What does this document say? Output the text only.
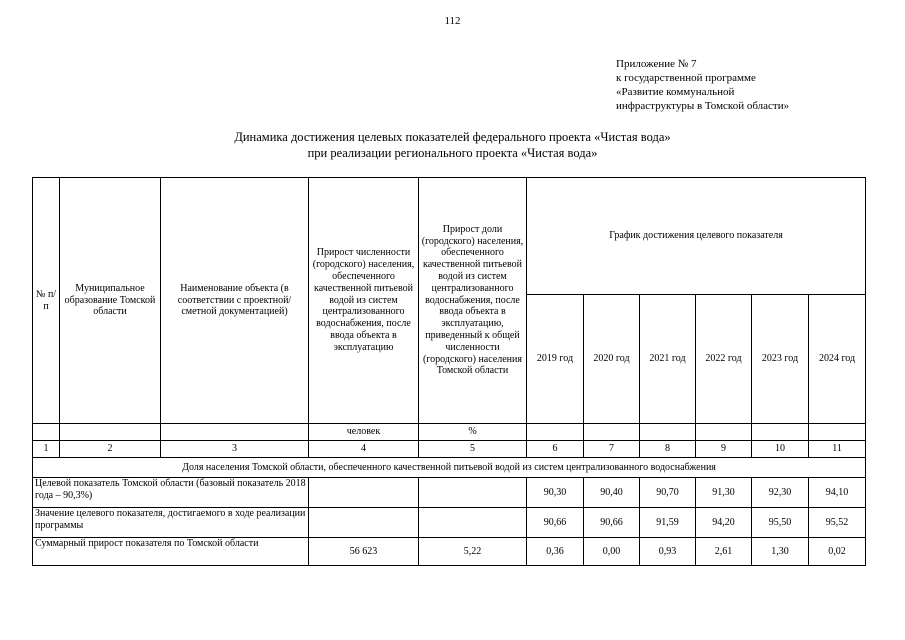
112
Приложение № 7
к государственной программе
«Развитие коммунальной
инфраструктуры в Томской области»
Динамика достижения целевых показателей федерального проекта «Чистая вода»
при реализации регионального проекта «Чистая вода»
№ п/п	Муниципальное образование Томской области	Наименование объекта (в соответствии с проектной/ сметной документацией)	Прирост численности (городского) населения, обеспеченного качественной питьевой водой из систем централизованного водоснабжения, после ввода объекта в эксплуатацию	Прирост доли (городского) населения, обеспеченного качественной питьевой водой из систем централизованного водоснабжения, после ввода объекта в эксплуатацию, приведенный к общей численности (городского) населения Томской области	График достижения целевого показателя					
					2019 год	2020 год	2021 год	2022 год	2023 год	2024 год
			человек	%						
1	2	3	4	5	6	7	8	9	10	11
Доля населения Томской области, обеспеченного качественной питьевой водой из систем централизованного водоснабжения										
Целевой показатель Томской области (базовый показатель 2018 года – 90,3%)					90,30	90,40	90,70	91,30	92,30	94,10
Значение целевого показателя, достигаемого в ходе реализации программы					90,66	90,66	91,59	94,20	95,50	95,52
Суммарный прирост показателя по Томской области			56 623	5,22	0,36	0,00	0,93	2,61	1,30	0,02
